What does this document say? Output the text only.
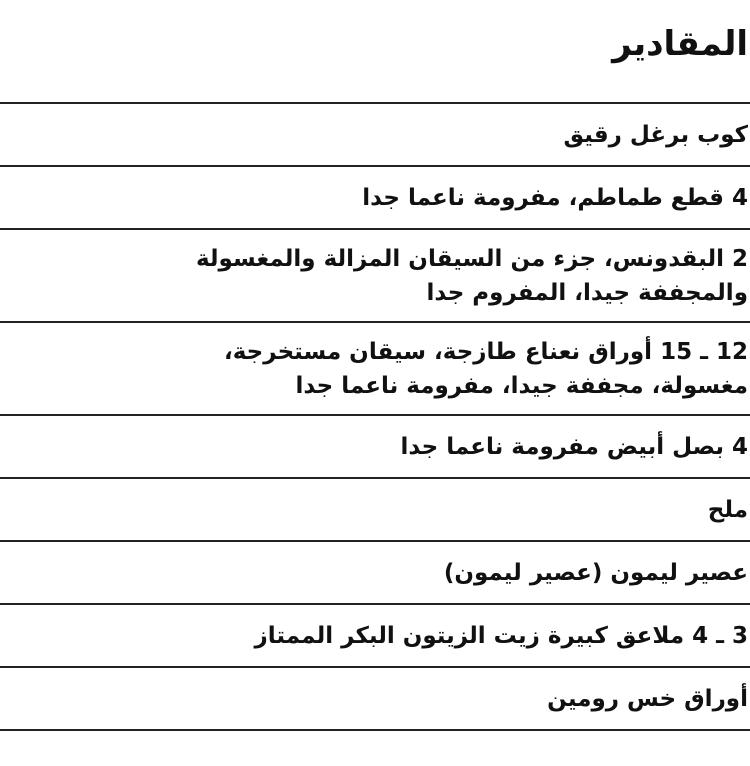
المقادير
كوب برغل رقيق
4 قطع طماطم، مفرومة ناعما جدا
2 البقدونس، جزء من السيقان المزالة والمغسولة
والمجففة جيدا، المفروم جدا
12 ـ 15 أوراق نعناع طازجة، سيقان مستخرجة،
مغسولة، مجففة جيدا، مفرومة ناعما جدا
4 بصل أبيض مفرومة ناعما جدا
ملح
عصير ليمون (عصير ليمون)
3 ـ 4 ملاعق كبيرة زيت الزيتون البكر الممتاز
أوراق خس رومين
